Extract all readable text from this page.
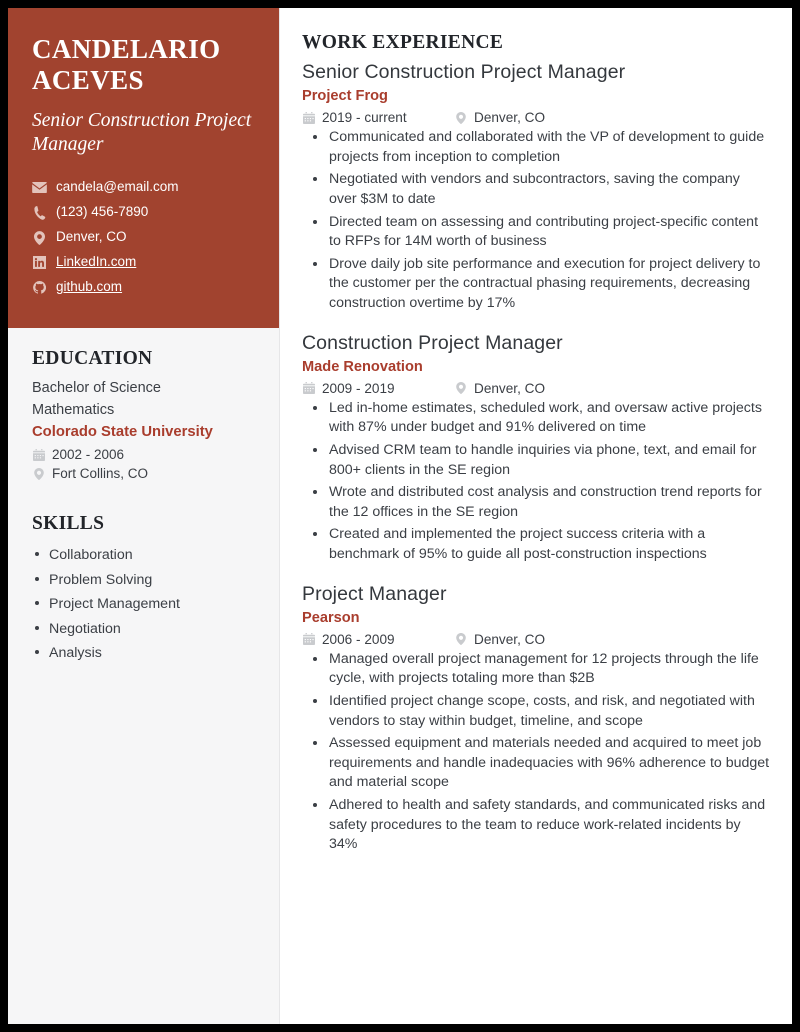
CANDELARIO ACEVES
Senior Construction Project Manager
candela@email.com
(123) 456-7890
Denver, CO
LinkedIn.com
github.com
EDUCATION
Bachelor of Science
Mathematics
Colorado State University
2002 - 2006
Fort Collins, CO
SKILLS
Collaboration
Problem Solving
Project Management
Negotiation
Analysis
WORK EXPERIENCE
Senior Construction Project Manager
Project Frog
2019 - current	Denver, CO
Communicated and collaborated with the VP of development to guide projects from inception to completion
Negotiated with vendors and subcontractors, saving the company over $3M to date
Directed team on assessing and contributing project-specific content to RFPs for 14M worth of business
Drove daily job site performance and execution for project delivery to the customer per the contractual phasing requirements, decreasing construction overtime by 17%
Construction Project Manager
Made Renovation
2009 - 2019	Denver, CO
Led in-home estimates, scheduled work, and oversaw active projects with 87% under budget and 91% delivered on time
Advised CRM team to handle inquiries via phone, text, and email for 800+ clients in the SE region
Wrote and distributed cost analysis and construction trend reports for the 12 offices in the SE region
Created and implemented the project success criteria with a benchmark of 95% to guide all post-construction inspections
Project Manager
Pearson
2006 - 2009	Denver, CO
Managed overall project management for 12 projects through the life cycle, with projects totaling more than $2B
Identified project change scope, costs, and risk, and negotiated with vendors to stay within budget, timeline, and scope
Assessed equipment and materials needed and acquired to meet job requirements and handle inadequacies with 96% adherence to budget and material scope
Adhered to health and safety standards, and communicated risks and safety procedures to the team to reduce work-related incidents by 34%
